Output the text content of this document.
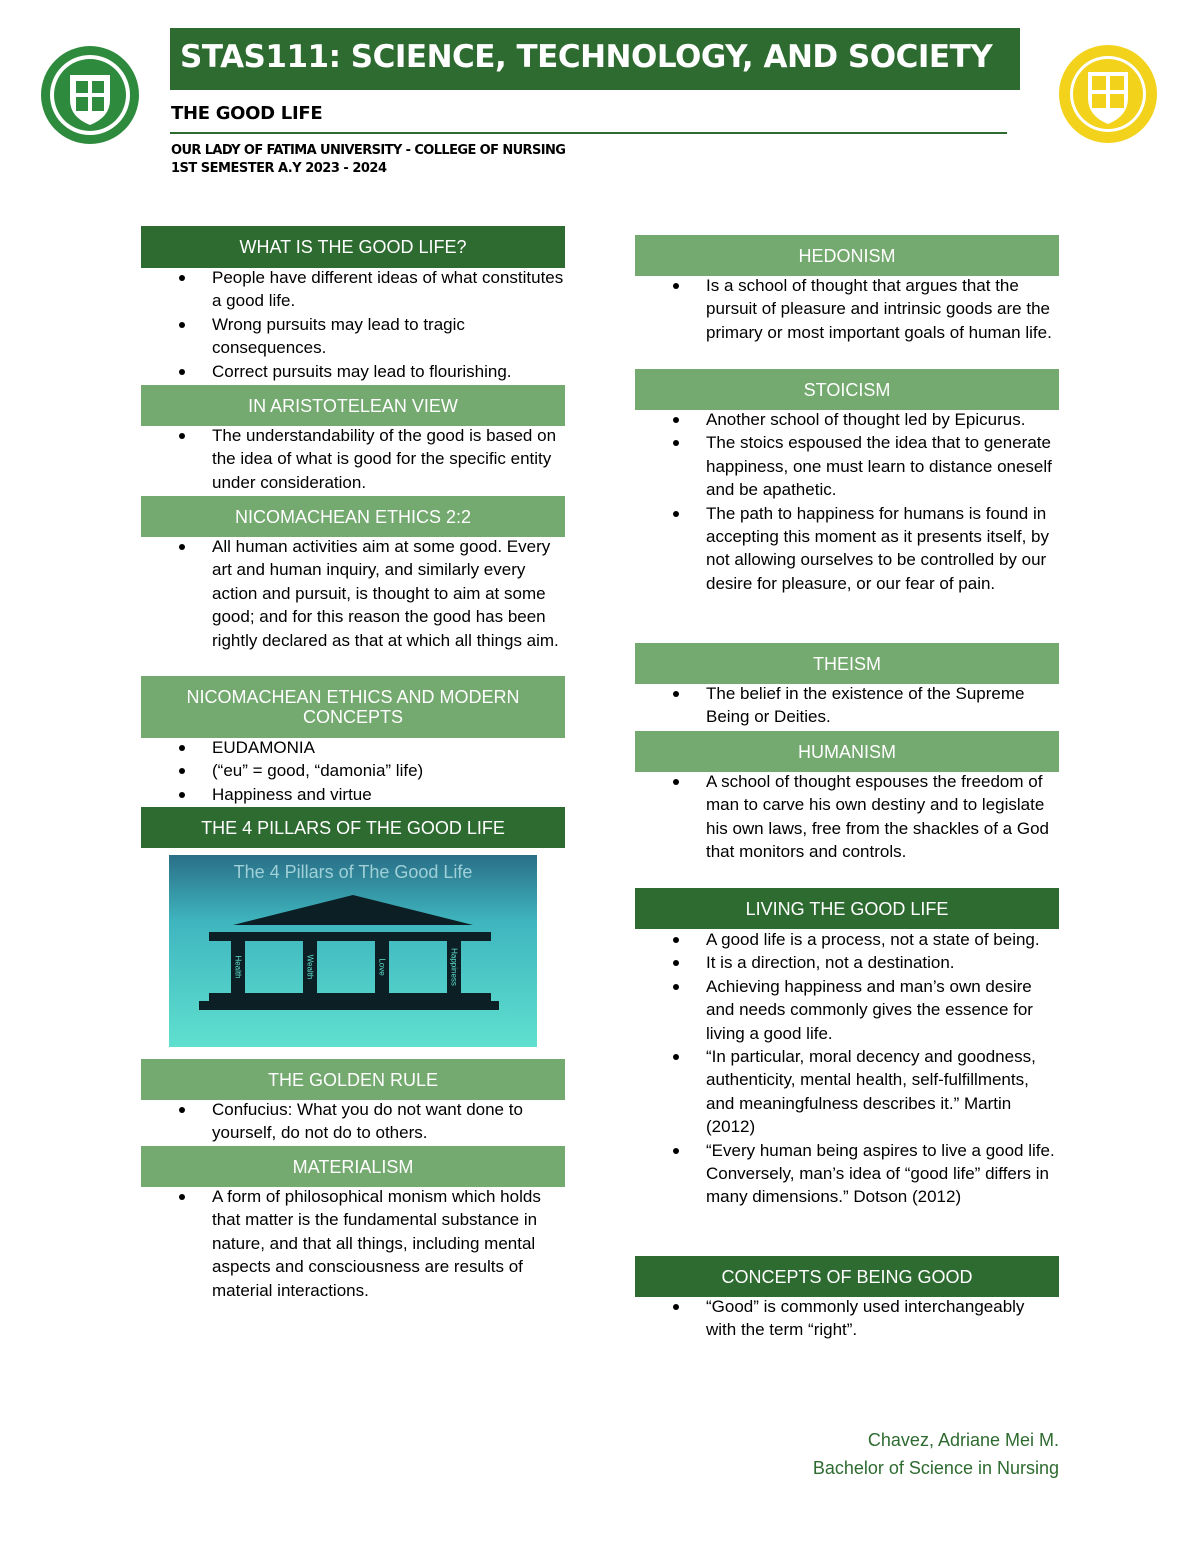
STAS111: SCIENCE, TECHNOLOGY, AND SOCIETY
THE GOOD LIFE
OUR LADY OF FATIMA UNIVERSITY - COLLEGE OF NURSING
1ST SEMESTER A.Y 2023 - 2024
WHAT IS THE GOOD LIFE?
People have different ideas of what constitutes a good life.
Wrong pursuits may lead to tragic consequences.
Correct pursuits may lead to flourishing.
IN ARISTOTELEAN VIEW
The understandability of the good is based on the idea of what is good for the specific entity under consideration.
NICOMACHEAN ETHICS 2:2
All human activities aim at some good. Every art and human inquiry, and similarly every action and pursuit, is thought to aim at some good; and for this reason the good has been rightly declared as that at which all things aim.
NICOMACHEAN ETHICS AND MODERN CONCEPTS
EUDAMONIA
(“eu” = good, “damonia” life)
Happiness and virtue
THE 4 PILLARS OF THE GOOD LIFE
The 4 Pillars of The Good Life
Health	Wealth	Love	Happiness
THE GOLDEN RULE
Confucius: What you do not want done to yourself, do not do to others.
MATERIALISM
A form of philosophical monism which holds that matter is the fundamental substance in nature, and that all things, including mental aspects and consciousness are results of material interactions.
HEDONISM
Is a school of thought that argues that the pursuit of pleasure and intrinsic goods are the primary or most important goals of human life.
STOICISM
Another school of thought led by Epicurus.
The stoics espoused the idea that to generate happiness, one must learn to distance oneself and be apathetic.
The path to happiness for humans is found in accepting this moment as it presents itself, by not allowing ourselves to be controlled by our desire for pleasure, or our fear of pain.
THEISM
The belief in the existence of the Supreme Being or Deities.
HUMANISM
A school of thought espouses the freedom of man to carve his own destiny and to legislate his own laws, free from the shackles of a God that monitors and controls.
LIVING THE GOOD LIFE
A good life is a process, not a state of being.
It is a direction, not a destination.
Achieving happiness and man’s own desire and needs commonly gives the essence for living a good life.
“In particular, moral decency and goodness, authenticity, mental health, self-fulfillments, and meaningfulness describes it.” Martin (2012)
“Every human being aspires to live a good life. Conversely, man’s idea of “good life” differs in many dimensions.” Dotson (2012)
CONCEPTS OF BEING GOOD
“Good” is commonly used interchangeably with the term “right”.
Chavez, Adriane Mei M.
Bachelor of Science in Nursing
